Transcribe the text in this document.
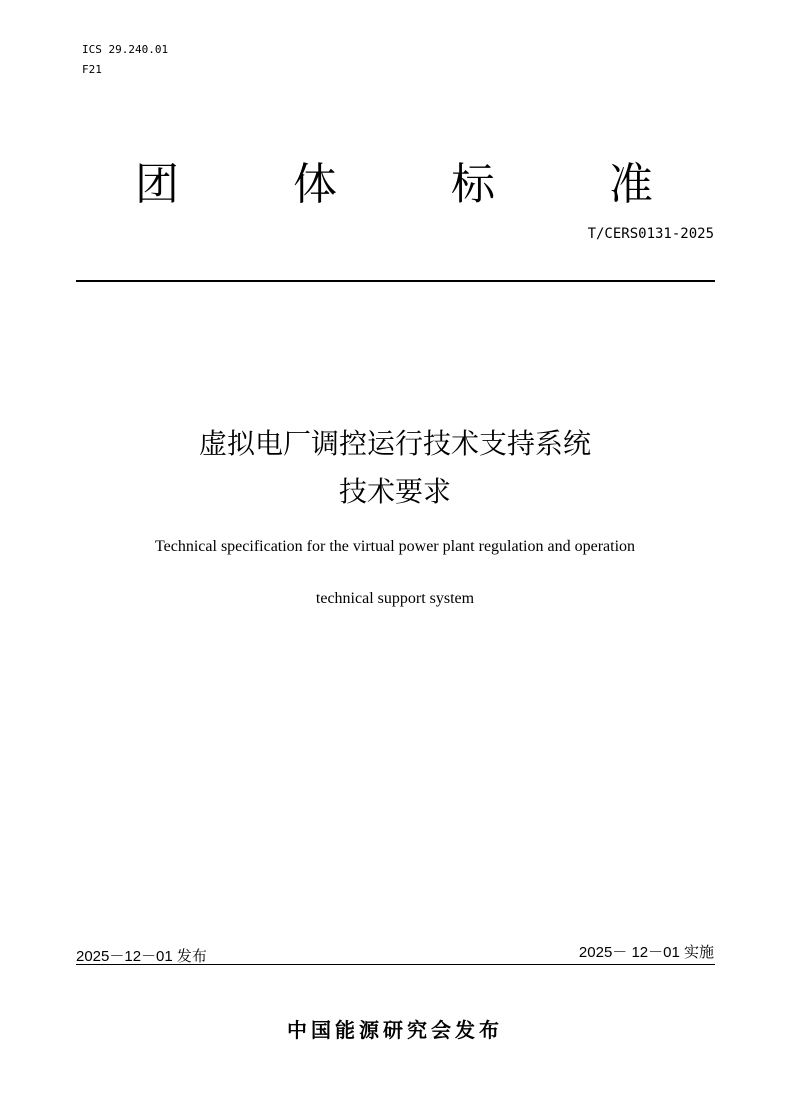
ICS 29.240.01
F21
团	体	标	准
T/CERS0131-2025
虚拟电厂调控运行技术支持系统
技术要求
Technical specification for the virtual power plant regulation and operation
technical support system
2025－12－01 发布	2025－ 12－01 实施
中国能源研究会发布
